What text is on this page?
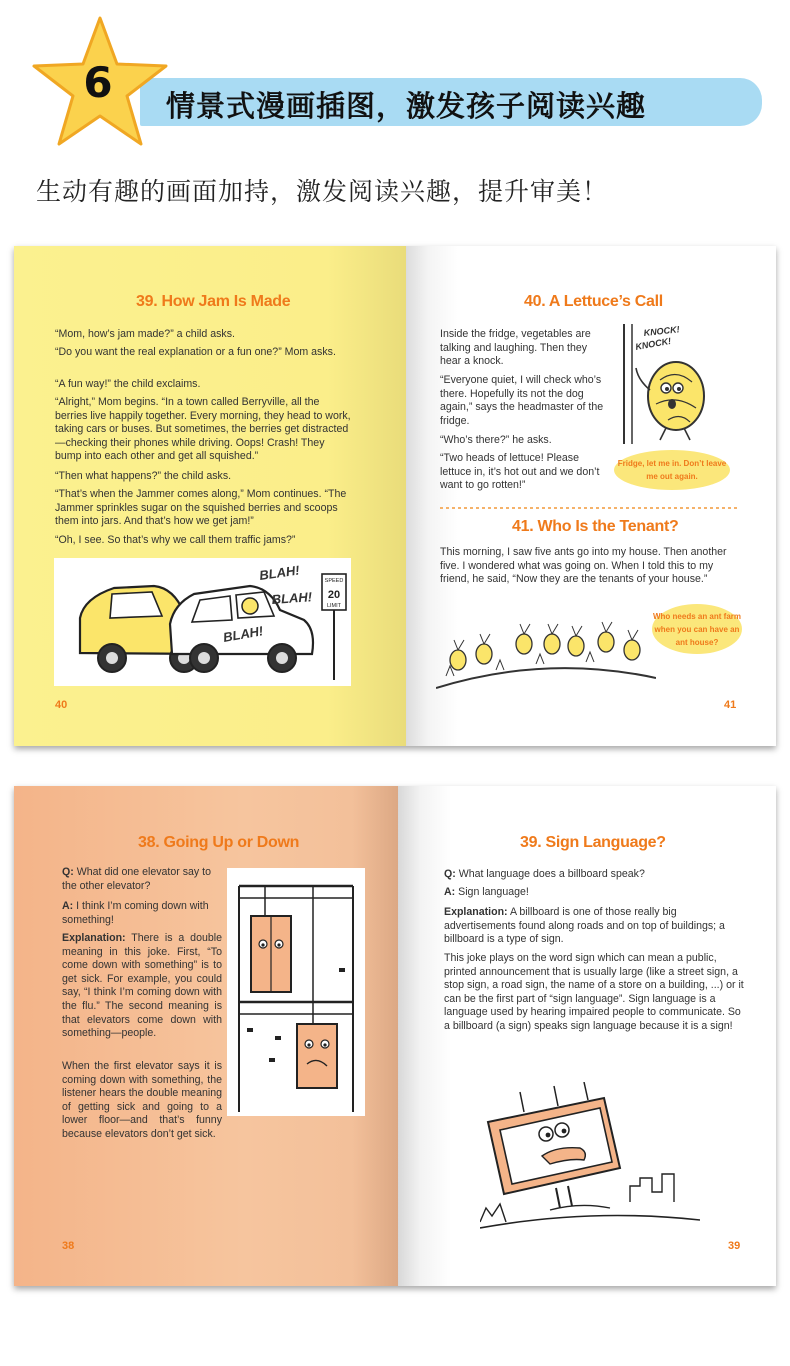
6 情景式漫画插图，激发孩子阅读兴趣
生动有趣的画面加持，激发阅读兴趣，提升审美！
39. How Jam Is Made
“Mom, how’s jam made?” a child asks.
“Do you want the real explanation or a fun one?” Mom asks.
“A fun way!” the child exclaims.
“Alright,” Mom begins. “In a town called Berryville, all the berries live happily together. Every morning, they head to work, taking cars or buses. But sometimes, the berries get distracted—checking their phones while driving. Oops! Crash! They bump into each other and get all squished.”
“Then what happens?” the child asks.
“That’s when the Jammer comes along,” Mom continues. “The Jammer sprinkles sugar on the squished berries and scoops them into jars. And that’s how we get jam!”
“Oh, I see. So that’s why we call them traffic jams?”
SPEED
20
LIMIT
BLAH!
BLAH!
BLAH!
40
40. A Lettuce’s Call
Inside the fridge, vegetables are talking and laughing. Then they hear a knock.
“Everyone quiet, I will check who’s there. Hopefully its not the dog again,” says the headmaster of the fridge.
“Who’s there?” he asks.
“Two heads of lettuce! Please lettuce in, it’s hot out and we don’t want to go rotten!”
KNOCK!
KNOCK!
Fridge, let me in. Don’t leave me out again.
41. Who Is the Tenant?
This morning, I saw five ants go into my house. Then another five. I wondered what was going on. When I told this to my friend, he said, “Now they are the tenants of your house.”
Who needs an ant farm when you can have an ant house?
41
38. Going Up or Down
Q: What did one elevator say to the other elevator?
A: I think I’m coming down with something!
Explanation: There is a double meaning in this joke. First, “To come down with something” is to get sick. For example, you could say, “I think I’m coming down with the flu.” The second meaning is that elevators come down with something—people.
When the first elevator says it is coming down with something, the listener hears the double meaning of getting sick and going to a lower floor—and that’s funny because elevators don’t get sick.
38
39. Sign Language?
Q: What language does a billboard speak?
A: Sign language!
Explanation: A billboard is one of those really big advertisements found along roads and on top of buildings; a billboard is a type of sign.
This joke plays on the word sign which can mean a public, printed announcement that is usually large (like a street sign, a stop sign, a road sign, the name of a store on a building, ...) or it can be the first part of “sign language”. Sign language is a language used by hearing impaired people to communicate. So a billboard (a sign) speaks sign language because it is a sign!
39
